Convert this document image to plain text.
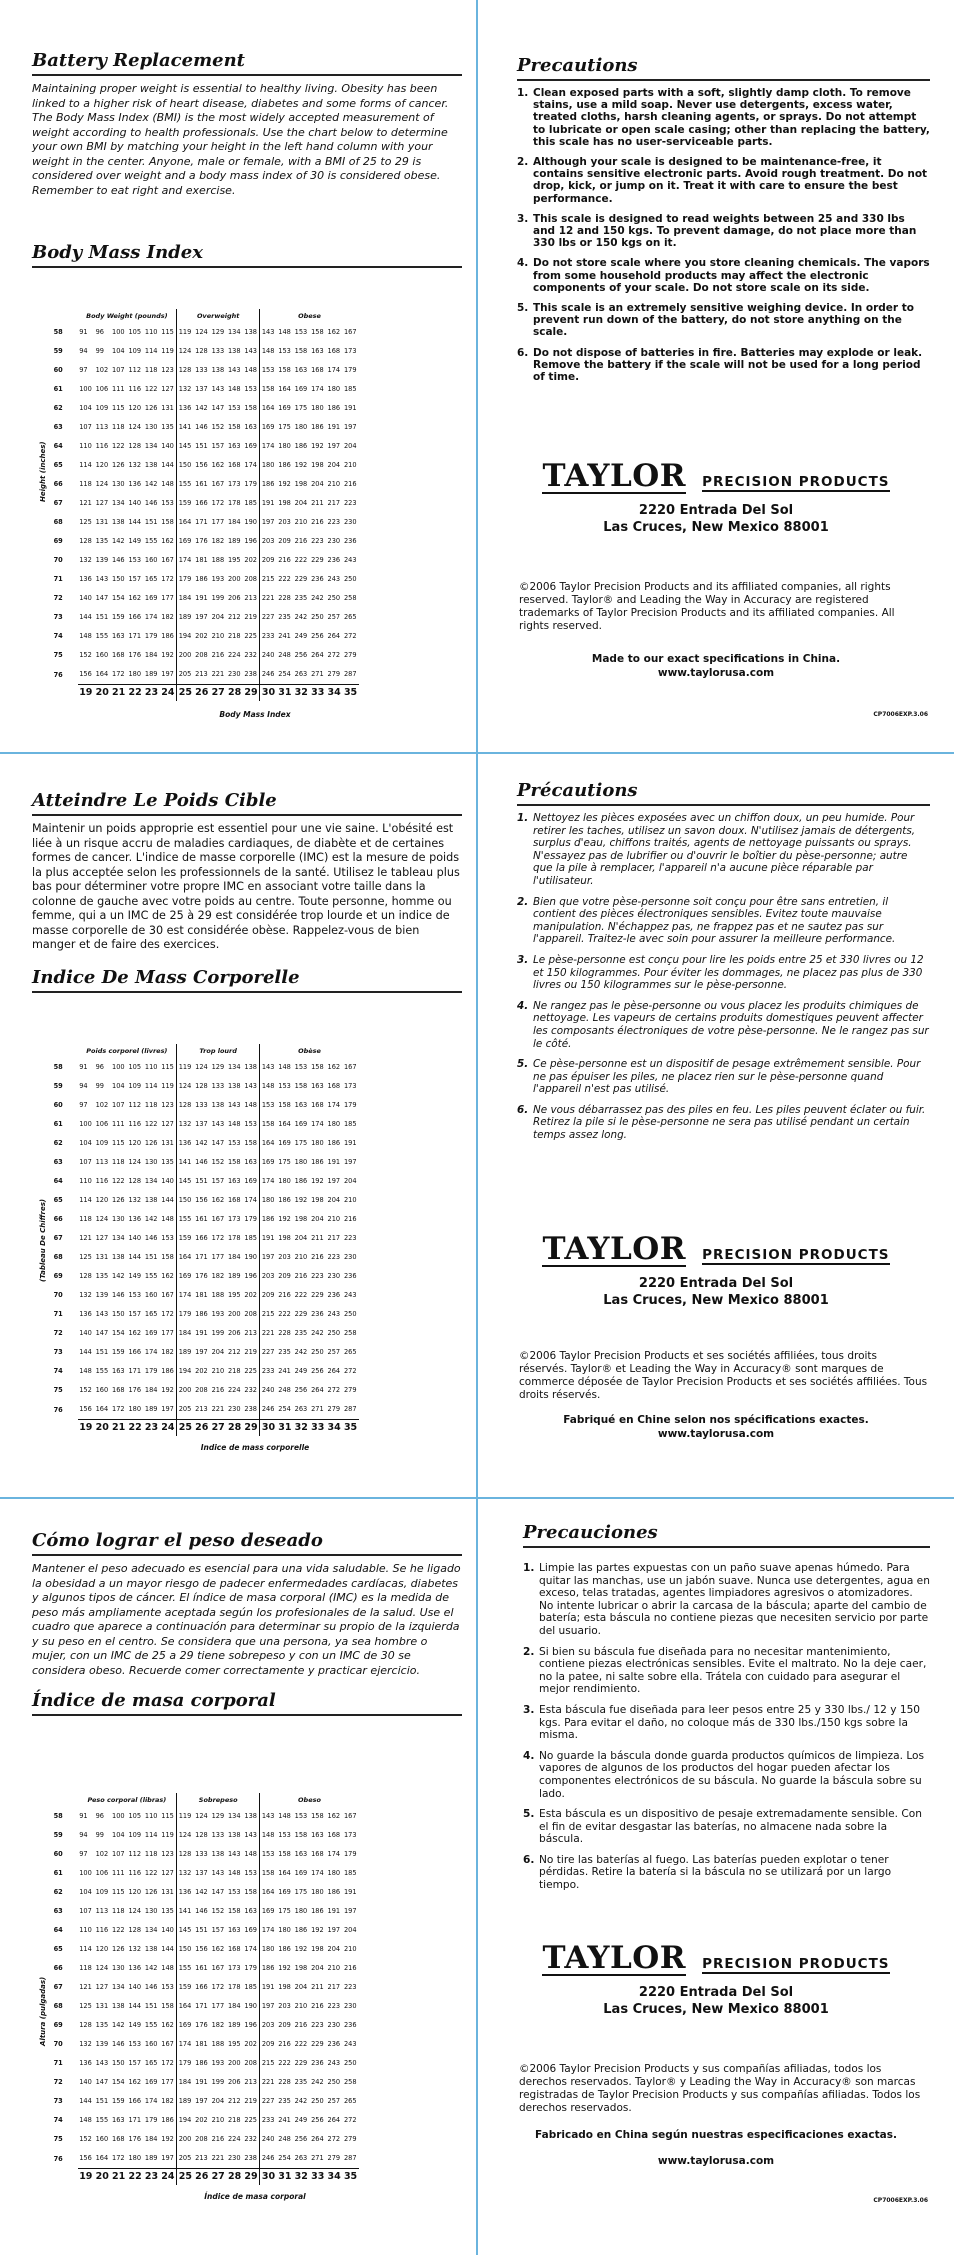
Battery Replacement

Maintaining proper weight is essential to healthy living. Obesity has been linked to a higher risk of heart disease, diabetes and some forms of cancer. The Body Mass Index (BMI) is the most widely accepted measurement of weight according to health professionals. Use the chart below to determine your own BMI by matching your height in the left hand column with your weight in the center. Anyone, male or female, with a BMI of 25 to 29 is considered over weight and a body mass index of 30 is considered obese. Remember to eat right and exercise.

Body Mass Index
	Body Weight (pounds)						Overweight					Obese					
58	91	96	100	105	110	115	119	124	129	134	138	143	148	153	158	162	167
59	94	99	104	109	114	119	124	128	133	138	143	148	153	158	163	168	173
60	97	102	107	112	118	123	128	133	138	143	148	153	158	163	168	174	179
61	100	106	111	116	122	127	132	137	143	148	153	158	164	169	174	180	185
62	104	109	115	120	126	131	136	142	147	153	158	164	169	175	180	186	191
63	107	113	118	124	130	135	141	146	152	158	163	169	175	180	186	191	197
64	110	116	122	128	134	140	145	151	157	163	169	174	180	186	192	197	204
65	114	120	126	132	138	144	150	156	162	168	174	180	186	192	198	204	210
66	118	124	130	136	142	148	155	161	167	173	179	186	192	198	204	210	216
67	121	127	134	140	146	153	159	166	172	178	185	191	198	204	211	217	223
68	125	131	138	144	151	158	164	171	177	184	190	197	203	210	216	223	230
69	128	135	142	149	155	162	169	176	182	189	196	203	209	216	223	230	236
70	132	139	146	153	160	167	174	181	188	195	202	209	216	222	229	236	243
71	136	143	150	157	165	172	179	186	193	200	208	215	222	229	236	243	250
72	140	147	154	162	169	177	184	191	199	206	213	221	228	235	242	250	258
73	144	151	159	166	174	182	189	197	204	212	219	227	235	242	250	257	265
74	148	155	163	171	179	186	194	202	210	218	225	233	241	249	256	264	272
75	152	160	168	176	184	192	200	208	216	224	232	240	248	256	264	272	279
76	156	164	172	180	189	197	205	213	221	230	238	246	254	263	271	279	287
	19	20	21	22	23	24	25	26	27	28	29	30	31	32	33	34	35
Height (inches)
Body Mass Index
Precautions
1. Clean exposed parts with a soft, slightly damp cloth. To remove stains, use a mild soap. Never use detergents, excess water, treated cloths, harsh cleaning agents, or sprays. Do not attempt to lubricate or open scale casing; other than replacing the battery, this scale has no user-serviceable parts.
2. Although your scale is designed to be maintenance-free, it contains sensitive electronic parts. Avoid rough treatment. Do not drop, kick, or jump on it. Treat it with care to ensure the best performance.
3. This scale is designed to read weights between 25 and 330 lbs and 12 and 150 kgs. To prevent damage, do not place more than 330 lbs or 150 kgs on it.
4. Do not store scale where you store cleaning chemicals. The vapors from some household products may affect the electronic components of your scale. Do not store scale on its side.
5. This scale is an extremely sensitive weighing device. In order to prevent run down of the battery, do not store anything on the scale.
6. Do not dispose of batteries in fire. Batteries may explode or leak. Remove the battery if the scale will not be used for a long period of time.
TAYLOR PRECISION PRODUCTS
2220 Entrada Del Sol
Las Cruces, New Mexico 88001
©2006 Taylor Precision Products and its affiliated companies, all rights reserved. Taylor® and Leading the Way in Accuracy are registered trademarks of Taylor Precision Products and its affiliated companies. All rights reserved.
Made to our exact specifications in China.
www.taylorusa.com
CP7006EXP.3.06
Atteindre Le Poids Cible

Maintenir un poids approprie est essentiel pour une vie saine. L'obésité est liée à un risque accru de maladies cardiaques, de diabète et de certaines formes de cancer. L'indice de masse corporelle (IMC) est la mesure de poids la plus acceptée selon les professionnels de la santé. Utilisez le tableau plus bas pour déterminer votre propre IMC en associant votre taille dans la colonne de gauche avec votre poids au centre. Toute personne, homme ou femme, qui a un IMC de 25 à 29 est considérée trop lourde et un indice de masse corporelle de 30 est considérée obèse. Rappelez-vous de bien manger et de faire des exercices.

Indice De Mass Corporelle
	Poids corporel (livres)						Trop lourd					Obèse					
58	91	96	100	105	110	115	119	124	129	134	138	143	148	153	158	162	167
59	94	99	104	109	114	119	124	128	133	138	143	148	153	158	163	168	173
60	97	102	107	112	118	123	128	133	138	143	148	153	158	163	168	174	179
61	100	106	111	116	122	127	132	137	143	148	153	158	164	169	174	180	185
62	104	109	115	120	126	131	136	142	147	153	158	164	169	175	180	186	191
63	107	113	118	124	130	135	141	146	152	158	163	169	175	180	186	191	197
64	110	116	122	128	134	140	145	151	157	163	169	174	180	186	192	197	204
65	114	120	126	132	138	144	150	156	162	168	174	180	186	192	198	204	210
66	118	124	130	136	142	148	155	161	167	173	179	186	192	198	204	210	216
67	121	127	134	140	146	153	159	166	172	178	185	191	198	204	211	217	223
68	125	131	138	144	151	158	164	171	177	184	190	197	203	210	216	223	230
69	128	135	142	149	155	162	169	176	182	189	196	203	209	216	223	230	236
70	132	139	146	153	160	167	174	181	188	195	202	209	216	222	229	236	243
71	136	143	150	157	165	172	179	186	193	200	208	215	222	229	236	243	250
72	140	147	154	162	169	177	184	191	199	206	213	221	228	235	242	250	258
73	144	151	159	166	174	182	189	197	204	212	219	227	235	242	250	257	265
74	148	155	163	171	179	186	194	202	210	218	225	233	241	249	256	264	272
75	152	160	168	176	184	192	200	208	216	224	232	240	248	256	264	272	279
76	156	164	172	180	189	197	205	213	221	230	238	246	254	263	271	279	287
	19	20	21	22	23	24	25	26	27	28	29	30	31	32	33	34	35
(Tableau De Chiffres)
Indice de mass corporelle
Précautions
1. Nettoyez les pièces exposées avec un chiffon doux, un peu humide. Pour retirer les taches, utilisez un savon doux. N'utilisez jamais de détergents, surplus d'eau, chiffons traités, agents de nettoyage puissants ou sprays. N'essayez pas de lubrifier ou d'ouvrir le boîtier du pèse-personne; autre que la pile à remplacer, l'appareil n'a aucune pièce réparable par l'utilisateur.
2. Bien que votre pèse-personne soit conçu pour être sans entretien, il contient des pièces électroniques sensibles. Evitez toute mauvaise manipulation. N'échappez pas, ne frappez pas et ne sautez pas sur l'appareil. Traitez-le avec soin pour assurer la meilleure performance.
3. Le pèse-personne est conçu pour lire les poids entre 25 et 330 livres ou 12 et 150 kilogrammes. Pour éviter les dommages, ne placez pas plus de 330 livres ou 150 kilogrammes sur le pèse-personne.
4. Ne rangez pas le pèse-personne ou vous placez les produits chimiques de nettoyage. Les vapeurs de certains produits domestiques peuvent affecter les composants électroniques de votre pèse-personne. Ne le rangez pas sur le côté.
5. Ce pèse-personne est un dispositif de pesage extrêmement sensible. Pour ne pas épuiser les piles, ne placez rien sur le pèse-personne quand l'appareil n'est pas utilisé.
6. Ne vous débarrassez pas des piles en feu. Les piles peuvent éclater ou fuir. Retirez la pile si le pèse-personne ne sera pas utilisé pendant un certain temps assez long.
TAYLOR PRECISION PRODUCTS
2220 Entrada Del Sol
Las Cruces, New Mexico 88001
©2006 Taylor Precision Products et ses sociétés affiliées, tous droits réservés. Taylor® et Leading the Way in Accuracy® sont marques de commerce déposée de Taylor Precision Products et ses sociétés affiliées. Tous droits réservés.
Fabriqué en Chine selon nos spécifications exactes.
www.taylorusa.com
Cómo lograr el peso deseado

Mantener el peso adecuado es esencial para una vida saludable. Se he ligado la obesidad a un mayor riesgo de padecer enfermedades cardíacas, diabetes y algunos tipos de cáncer. El índice de masa corporal (IMC) es la medida de peso más ampliamente aceptada según los profesionales de la salud. Use el cuadro que aparece a continuación para determinar su propio de la izquierda y su peso en el centro. Se considera que una persona, ya sea hombre o mujer, con un IMC de 25 a 29 tiene sobrepeso y con un IMC de 30 se considera obeso. Recuerde comer correctamente y practicar ejercicio.

Índice de masa corporal
	Peso corporal (libras)						Sobrepeso					Obeso					
58	91	96	100	105	110	115	119	124	129	134	138	143	148	153	158	162	167
59	94	99	104	109	114	119	124	128	133	138	143	148	153	158	163	168	173
60	97	102	107	112	118	123	128	133	138	143	148	153	158	163	168	174	179
61	100	106	111	116	122	127	132	137	143	148	153	158	164	169	174	180	185
62	104	109	115	120	126	131	136	142	147	153	158	164	169	175	180	186	191
63	107	113	118	124	130	135	141	146	152	158	163	169	175	180	186	191	197
64	110	116	122	128	134	140	145	151	157	163	169	174	180	186	192	197	204
65	114	120	126	132	138	144	150	156	162	168	174	180	186	192	198	204	210
66	118	124	130	136	142	148	155	161	167	173	179	186	192	198	204	210	216
67	121	127	134	140	146	153	159	166	172	178	185	191	198	204	211	217	223
68	125	131	138	144	151	158	164	171	177	184	190	197	203	210	216	223	230
69	128	135	142	149	155	162	169	176	182	189	196	203	209	216	223	230	236
70	132	139	146	153	160	167	174	181	188	195	202	209	216	222	229	236	243
71	136	143	150	157	165	172	179	186	193	200	208	215	222	229	236	243	250
72	140	147	154	162	169	177	184	191	199	206	213	221	228	235	242	250	258
73	144	151	159	166	174	182	189	197	204	212	219	227	235	242	250	257	265
74	148	155	163	171	179	186	194	202	210	218	225	233	241	249	256	264	272
75	152	160	168	176	184	192	200	208	216	224	232	240	248	256	264	272	279
76	156	164	172	180	189	197	205	213	221	230	238	246	254	263	271	279	287
	19	20	21	22	23	24	25	26	27	28	29	30	31	32	33	34	35
Altura (pulgadas)
Índice de masa corporal
Precauciones
1. Limpie las partes expuestas con un paño suave apenas húmedo. Para quitar las manchas, use un jabón suave. Nunca use detergentes, agua en exceso, telas tratadas, agentes limpiadores agresivos o atomizadores. No intente lubricar o abrir la carcasa de la báscula; aparte del cambio de batería; esta báscula no contiene piezas que necesiten servicio por parte del usuario.
2. Si bien su báscula fue diseñada para no necesitar mantenimiento, contiene piezas electrónicas sensibles. Evite el maltrato. No la deje caer, no la patee, ni salte sobre ella. Trátela con cuidado para asegurar el mejor rendimiento.
3. Esta báscula fue diseñada para leer pesos entre 25 y 330 lbs./ 12 y 150 kgs. Para evitar el daño, no coloque más de 330 lbs./150 kgs sobre la misma.
4. No guarde la báscula donde guarda productos químicos de limpieza. Los vapores de algunos de los productos del hogar pueden afectar los componentes electrónicos de su báscula. No guarde la báscula sobre su lado.
5. Esta báscula es un dispositivo de pesaje extremadamente sensible. Con el fin de evitar desgastar las baterías, no almacene nada sobre la báscula.
6. No tire las baterías al fuego. Las baterías pueden explotar o tener pérdidas. Retire la batería si la báscula no se utilizará por un largo tiempo.
TAYLOR PRECISION PRODUCTS
2220 Entrada Del Sol
Las Cruces, New Mexico 88001
©2006 Taylor Precision Products y sus compañías afiliadas, todos los derechos reservados. Taylor® y Leading the Way in Accuracy® son marcas registradas de Taylor Precision Products y sus compañías afiliadas. Todos los derechos reservados.
Fabricado en China según nuestras especificaciones exactas.
www.taylorusa.com
CP7006EXP.3.06
